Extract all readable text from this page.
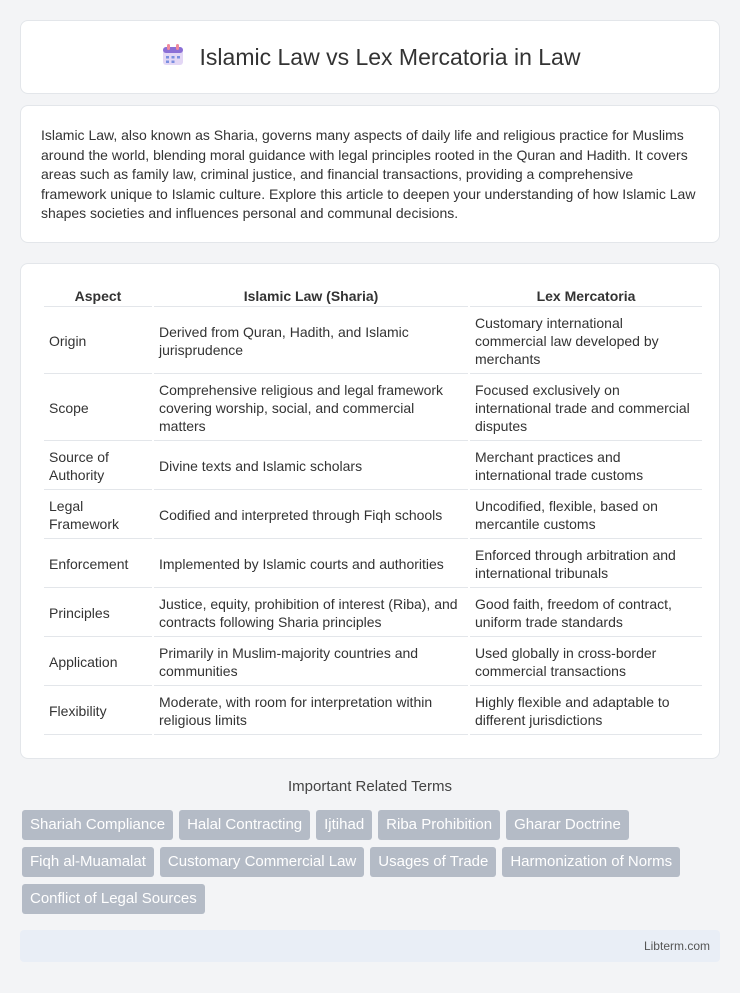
Islamic Law vs Lex Mercatoria in Law

Islamic Law, also known as Sharia, governs many aspects of daily life and religious practice for Muslims around the world, blending moral guidance with legal principles rooted in the Quran and Hadith. It covers areas such as family law, criminal justice, and financial transactions, providing a comprehensive framework unique to Islamic culture. Explore this article to deepen your understanding of how Islamic Law shapes societies and influences personal and communal decisions.

Aspect	Islamic Law (Sharia)	Lex Mercatoria
Origin	Derived from Quran, Hadith, and Islamic jurisprudence	Customary international commercial law developed by merchants
Scope	Comprehensive religious and legal framework covering worship, social, and commercial matters	Focused exclusively on international trade and commercial disputes
Source of Authority	Divine texts and Islamic scholars	Merchant practices and international trade customs
Legal Framework	Codified and interpreted through Fiqh schools	Uncodified, flexible, based on mercantile customs
Enforcement	Implemented by Islamic courts and authorities	Enforced through arbitration and international tribunals
Principles	Justice, equity, prohibition of interest (Riba), and contracts following Sharia principles	Good faith, freedom of contract, uniform trade standards
Application	Primarily in Muslim-majority countries and communities	Used globally in cross-border commercial transactions
Flexibility	Moderate, with room for interpretation within religious limits	Highly flexible and adaptable to different jurisdictions
Important Related Terms
Shariah Compliance	Halal Contracting	Ijtihad	Riba Prohibition	Gharar Doctrine
Fiqh al-Muamalat	Customary Commercial Law	Usages of Trade	Harmonization of Norms
Conflict of Legal Sources
Libterm.com
